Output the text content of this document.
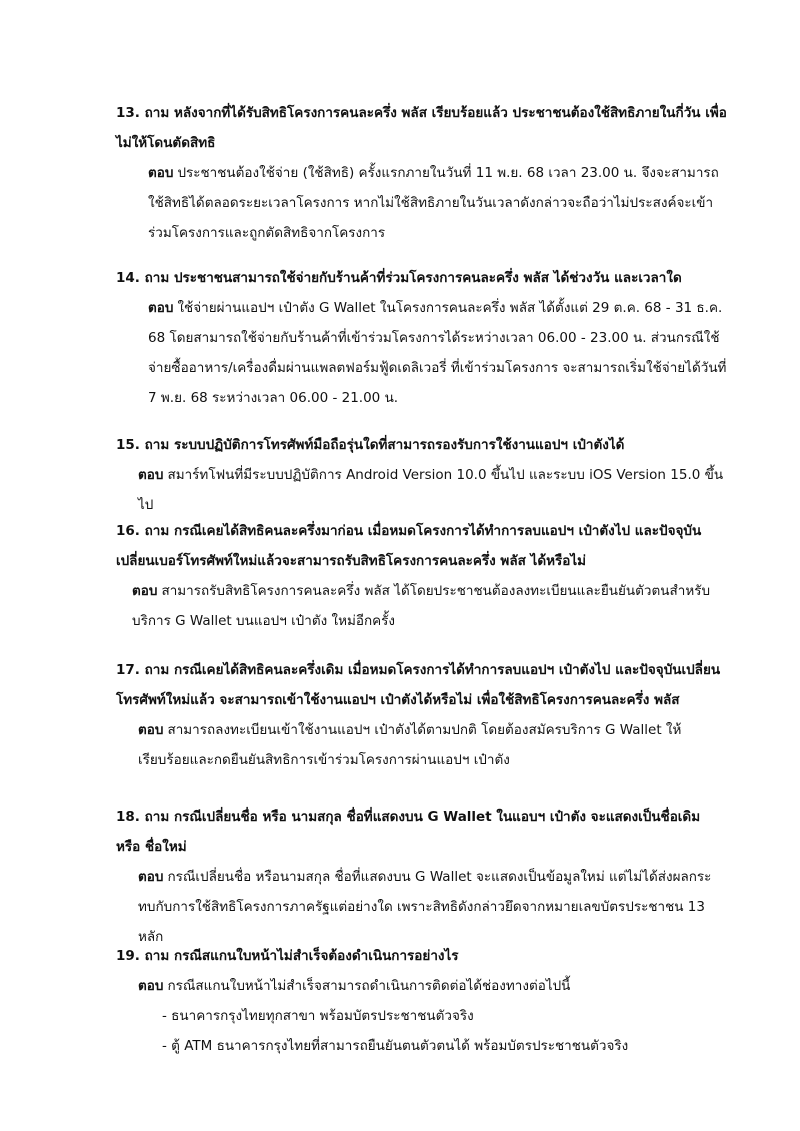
13. ถาม หลังจากที่ได้รับสิทธิโครงการคนละครึ่ง พลัส เรียบร้อยแล้ว ประชาชนต้องใช้สิทธิภายในกี่วัน เพื่อไม่ให้โดนตัดสิทธิ

ตอบ ประชาชนต้องใช้จ่าย (ใช้สิทธิ) ครั้งแรกภายในวันที่ 11 พ.ย. 68 เวลา 23.00 น. จึงจะสามารถใช้สิทธิได้ตลอดระยะเวลาโครงการ หากไม่ใช้สิทธิภายในวันเวลาดังกล่าวจะถือว่าไม่ประสงค์จะเข้าร่วมโครงการและถูกตัดสิทธิจากโครงการ

14. ถาม ประชาชนสามารถใช้จ่ายกับร้านค้าที่ร่วมโครงการคนละครึ่ง พลัส ได้ช่วงวัน และเวลาใด

ตอบ ใช้จ่ายผ่านแอปฯ เป๋าตัง G Wallet ในโครงการคนละครึ่ง พลัส ได้ตั้งแต่ 29 ต.ค. 68 - 31 ธ.ค. 68 โดยสามารถใช้จ่ายกับร้านค้าที่เข้าร่วมโครงการได้ระหว่างเวลา 06.00 - 23.00 น. ส่วนกรณีใช้จ่ายซื้ออาหาร/เครื่องดื่มผ่านแพลตฟอร์มฟู้ดเดลิเวอรี่ ที่เข้าร่วมโครงการ จะสามารถเริ่มใช้จ่ายได้วันที่ 7 พ.ย. 68 ระหว่างเวลา 06.00 - 21.00 น.

15. ถาม ระบบปฏิบัติการโทรศัพท์มือถือรุ่นใดที่สามารถรองรับการใช้งานแอปฯ เป๋าตังได้

ตอบ สมาร์ทโฟนที่มีระบบปฏิบัติการ Android Version 10.0 ขึ้นไป และระบบ iOS Version 15.0 ขึ้นไป

16. ถาม กรณีเคยได้สิทธิคนละครึ่งมาก่อน เมื่อหมดโครงการได้ทำการลบแอปฯ เป๋าตังไป และปัจจุบันเปลี่ยนเบอร์โทรศัพท์ใหม่แล้วจะสามารถรับสิทธิโครงการคนละครึ่ง พลัส ได้หรือไม่

ตอบ สามารถรับสิทธิโครงการคนละครึ่ง พลัส ได้โดยประชาชนต้องลงทะเบียนและยืนยันตัวตนสำหรับบริการ G Wallet บนแอปฯ เป๋าตัง ใหม่อีกครั้ง

17. ถาม กรณีเคยได้สิทธิคนละครึ่งเดิม เมื่อหมดโครงการได้ทำการลบแอปฯ เป๋าตังไป และปัจจุบันเปลี่ยนโทรศัพท์ใหม่แล้ว จะสามารถเข้าใช้งานแอปฯ เป๋าตังได้หรือไม่ เพื่อใช้สิทธิโครงการคนละครึ่ง พลัส

ตอบ สามารถลงทะเบียนเข้าใช้งานแอปฯ เป๋าตังได้ตามปกติ โดยต้องสมัครบริการ G Wallet ให้เรียบร้อยและกดยืนยันสิทธิการเข้าร่วมโครงการผ่านแอปฯ เป๋าตัง

18. ถาม กรณีเปลี่ยนชื่อ หรือ นามสกุล ชื่อที่แสดงบน G Wallet ในแอบฯ เป๋าตัง จะแสดงเป็นชื่อเดิม หรือ ชื่อใหม่

ตอบ กรณีเปลี่ยนชื่อ หรือนามสกุล ชื่อที่แสดงบน G Wallet จะแสดงเป็นข้อมูลใหม่ แต่ไม่ได้ส่งผลกระทบกับการใช้สิทธิโครงการภาครัฐแต่อย่างใด เพราะสิทธิดังกล่าวยึดจากหมายเลขบัตรประชาชน 13 หลัก

19. ถาม กรณีสแกนใบหน้าไม่สำเร็จต้องดำเนินการอย่างไร

ตอบ กรณีสแกนใบหน้าไม่สำเร็จสามารถดำเนินการติดต่อได้ช่องทางต่อไปนี้

- ธนาคารกรุงไทยทุกสาขา พร้อมบัตรประชาชนตัวจริง

- ตู้ ATM ธนาคารกรุงไทยที่สามารถยืนยันตนตัวตนได้ พร้อมบัตรประชาชนตัวจริง
